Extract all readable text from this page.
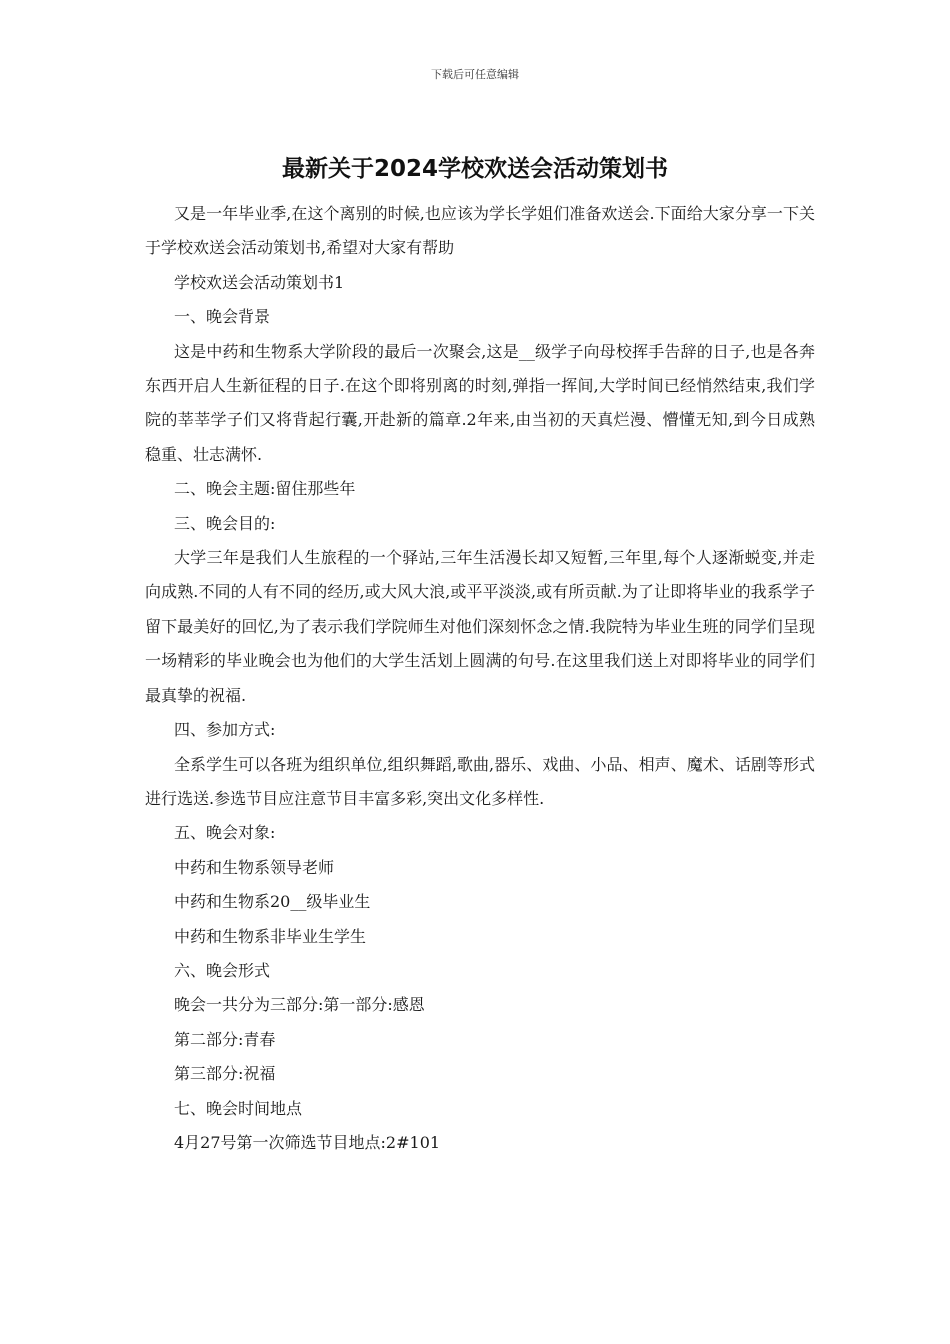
下载后可任意编辑
最新关于2024学校欢送会活动策划书

又是一年毕业季,在这个离别的时候,也应该为学长学姐们准备欢送会.下面给大家分享一下关于学校欢送会活动策划书,希望对大家有帮助

学校欢送会活动策划书1

一、晚会背景

这是中药和生物系大学阶段的最后一次聚会,这是__级学子向母校挥手告辞的日子,也是各奔东西开启人生新征程的日子.在这个即将别离的时刻,弹指一挥间,大学时间已经悄然结束,我们学院的莘莘学子们又将背起行囊,开赴新的篇章.2年来,由当初的天真烂漫、懵懂无知,到今日成熟稳重、壮志满怀.

二、晚会主题:留住那些年

三、晚会目的:

大学三年是我们人生旅程的一个驿站,三年生活漫长却又短暂,三年里,每个人逐渐蜕变,并走向成熟.不同的人有不同的经历,或大风大浪,或平平淡淡,或有所贡献.为了让即将毕业的我系学子留下最美好的回忆,为了表示我们学院师生对他们深刻怀念之情.我院特为毕业生班的同学们呈现一场精彩的毕业晚会也为他们的大学生活划上圆满的句号.在这里我们送上对即将毕业的同学们最真挚的祝福.

四、参加方式:

全系学生可以各班为组织单位,组织舞蹈,歌曲,器乐、戏曲、小品、相声、魔术、话剧等形式进行选送.参选节目应注意节目丰富多彩,突出文化多样性.

五、晚会对象:

中药和生物系领导老师

中药和生物系20__级毕业生

中药和生物系非毕业生学生

六、晚会形式

晚会一共分为三部分:第一部分:感恩

第二部分:青春

第三部分:祝福

七、晚会时间地点

4月27号第一次筛选节目地点:2#101
